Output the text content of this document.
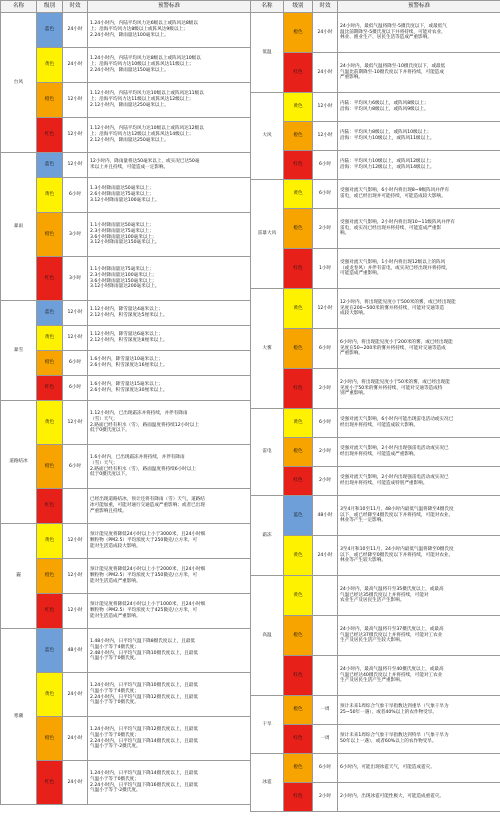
名称	级别	时效	预警标准
台风	蓝色	24小时	1.24小时内，内陆平均风力达6级以上或阵风达8级以
上；沿海平均风力达8级以上或阵风达9级以上；
2.24小时内，降雨量达100毫米以上。

	黄色	24小时	1.24小时内，内陆平均风力达8级以上或阵风达10级以
上；沿海平均风力达10级以上或阵风达11级以上；
2.24小时内，降雨量达150毫米以上。

	橙色	12小时	1.12小时内，内陆平均风力达10级以上或阵风达11级以
上；沿海平均风力达11级以上或阵风达12级以上；
2.12小时内，降雨量达250毫米以上。

	红色	12小时	1.12小时内，内陆平均风力达10级以上或阵风达12级以
上；沿海平均风力达12级以上或阵风达14级以上；
2.12小时内，降雨量达250毫米以上。

暴雨	蓝色	12小时	12小时内，降雨量将达50毫米以上，或实况已达50毫
米以上并且持续，可能造成一定影响。

	黄色	6小时	1.3小时降雨量达50毫米以上；
2.6小时降雨量达75毫米以上；
3.12小时降雨量达100毫米以上。

	橙色	3小时	1.1小时降雨量达50毫米以上；
2.3小时降雨量达75毫米以上；
3.6小时降雨量达100毫米以上；
3.12小时降雨量达150毫米以上。

	红色	3小时	1.1小时降雨量达75毫米以上；
2.3小时降雨量达100毫米以上；
3.6小时降雨量达150毫米以上；
3.12小时降雨量达200毫米以上。

暴雪	蓝色	12小时	1.12小时内，降雪量达4毫米以上；
2.12小时内，积雪深度达5厘米以上。

	黄色	12小时	1.12小时内，降雪量达6毫米以上；
2.12小时内，积雪深度达8厘米以上。

	橙色	6小时	1.6小时内，降雪量达10毫米以上；
2.6小时内，积雪深度达16厘米以上。

	红色	6小时	1.6小时内，降雪量达15毫米以上；
2.6小时内，积雪深度达30厘米以上。

道路结冰	黄色	12小时	1.12小时内，已出现霜冻并将持续，并伴有降雨
（雪）天气；
2.路面已经有积水（雪），路面温度将持续12小时以上
低于0摄氏度以下。

	橙色	6小时	1.6小时内，已出现霜冻并将持续，并伴有降雨
（雪）天气；
2.路面已经有积水（雪），路面温度将持续6小时以上
低于0摄氏度以下。

	红色		已经出现道路结冰，预计还将有降雨（雪）天气，道路结
冰可能加重，可能对通行交通造成严重影响；或者已出现
严重影响且持续。

霾	黄色	12小时	预计能见度将降低24小时以上小于3000米，且24小时细
颗粒物（PM2.5）平均浓度大于250微克/立方米，可
能对生活造成较大影响。

	橙色	12小时	预计能见度将降低24小时以上小于2000米，且24小时细
颗粒物（PM2.5）平均浓度大于350微克/立方米，可
能对生活造成严重影响。

	红色	12小时	预计能见度将降低24小时以上小于1000米，且24小时细
颗粒物（PM2.5）平均浓度大于425微克/立方米，可
能对生活造成严重影响。

寒潮	蓝色	48小时	1.48小时内，日平均气温下降8摄氏度以上，且最低
气温小于等于4摄氏度；
2.48小时内，日平均气温下降10摄氏度以上，且最低
气温小于等于0摄氏度。

	黄色	24小时	1.24小时内，日平均气温下降10摄氏度以上，且最低
气温小于等于4摄氏度；
2.24小时内，日平均气温下降12摄氏度以上，且最低
气温小于等于0摄氏度。

	橙色	24小时	1.24小时内，日平均气温下降12摄氏度以上，且最低
气温小于等于0摄氏度；
2.24小时内，日平均气温下降14摄氏度以上，且最低
气温小于等于-2摄氏度。

	红色	24小时	1.24小时内，日平均气温下降14摄氏度以上，且最低
气温小于等于0摄氏度；
2.24小时内，日平均气温下降16摄氏度以上，且最低
气温小于等于-2摄氏度。
名称	级别	时效	预警标准
低温	橙色	24小时	24小时内，最低气温将降至-5摄氏度以下，或最低气
温比前期降至-5摄氏度以下并将持续，可能对农业、
林业、渔业生产、居民生活等造成严重影响。

	红色	24小时	24小时内，最低气温将降至-10摄氏度以下，或最低
气温比前期降至-10摄氏度以下并将持续，可能造成
严重影响。

大风	黄色	12小时	内陆：平均风力6级以上，或阵风8级以上；
沿海：平均风力8级以上，或阵风9级以上。

	橙色	12小时	内陆：平均风力8级以上，或阵风10级以上；
沿海：平均风力10级以上，或阵风11级以上。

	红色	6小时	内陆：平均风力10级以上，或阵风12级以上；
沿海：平均风力12级以上，或阵风14级以上。

雷暴大风	黄色	6小时	受强对流天气影响，6小时内将出现8~9级阵风并伴有
雷电，或已经出现并可能持续，可能造成较大影响。

	橙色	2小时	受强对流天气影响，2小时内将出现10~11级阵风并伴有
雷电，或实况已经出现并将持续，可能造成严重影
响。

	红色	1小时	受强对流天气影响，1小时内将出现12级以上的阵风
（或龙卷风）并伴有雷电，或实况已经出现并将持续，
可能造成严重影响。

大雾	黄色	12小时	12小时内，将出现能见度小于500米的雾，或已经出现能
见度在200~500米的雾并将持续，可能对交通等造
成较大影响。

	橙色	6小时	6小时内，将出现能见度小于200米的雾，或已经出现能
见度在50~200米的雾并将持续，可能对交通等造成
严重影响。

	红色	2小时	2小时内，将出现能见度小于50米的雾，或已经出现能
见度小于50米的雾并将持续，可能对交通等造成特
别严重影响。

雷电	黄色	6小时	受强对流天气影响，6小时内可能出现雷电活动或实况已
经出现并将持续，可能造成较大影响。

	橙色	2小时	受强对流天气影响，2小时内出现强雷电活动或实况已
经出现并将持续，可能造成严重影响。

	红色	2小时	受强对流天气影响，2小时内出现强雷电活动或实况已
经出现并将持续，可能造成特别严重影响。

霜冻	蓝色	48小时	3至4月和10至11月，48小时内最低气温将降至4摄氏度
以下，或已经降至4摄氏度以下并将持续，可能对农业、
林业等产生一定影响。

	黄色	24小时	3至4月和10至11月，24小时内最低气温将降至0摄氏度
以下，或已经降至0摄氏度以下并将持续，可能对农业、
林业等产生较大影响。

高温	黄色		24小时内，最高气温将升至35摄氏度以上，或最高
气温已经达35摄氏度以上并将持续，可能对
农业生产及居民生活产生影响。

	橙色		24小时内，最高气温将升至37摄氏度以上，或最高
气温已经达37摄氏度以上并将持续，可能对工农业
生产及居民生活产生较大影响。

	红色		24小时内，最高气温将升至40摄氏度以上，或最高
气温已经达40摄氏度以上并将持续，可能对工农业
生产及居民生活产生严重影响。

干旱	橙色	一周	预计未来1周综合气象干旱指数达到重旱（气象干旱为
25~50年一遇），或者40%以上的农作物受旱。

	红色	一周	预计未来1周综合气象干旱指数达到特旱（气象干旱为
50年以上一遇），或者60%以上的农作物受旱。

冰雹	橙色	6小时	6小时内，可能出现冰雹天气，可能造成雹灾。

	红色	2小时	2小时内，出现冰雹可能性极大，可能造成重雹灾。
